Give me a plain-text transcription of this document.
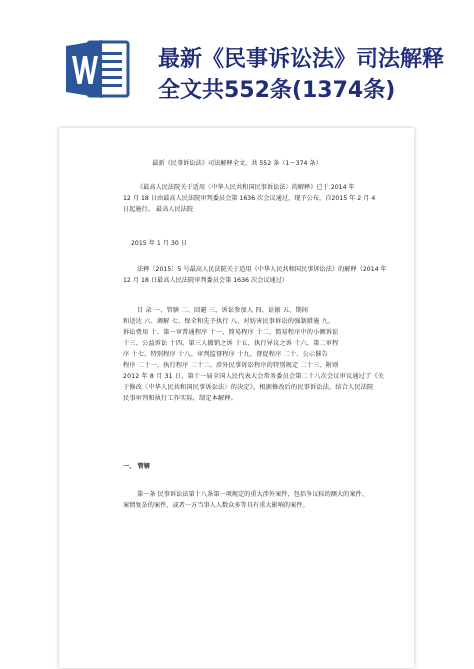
最新《民事诉讼法》司法解释
全文共552条(1374条)
最新《民事诉讼法》司法解释全文，共 552 条（1～374 条）
《最高人民法院关于适用〈中华人民共和国民事诉讼法〉的解释》已于 2014 年
12 月 18 日由最高人民法院审判委员会第 1636 次会议通过，现予公布，自2015 年 2 月 4
日起施行。 最高人民法院
2015 年 1 月 30 日
法释〔2015〕5 号最高人民法院关于适用《中华人民共和国民事诉讼法》的解释（2014 年
12 月 18 日最高人民法院审判委员会第 1636 次会议通过）
目 录 一、管辖 二、回避 三、诉讼参加人 四、证据 五、期间
和送达 六、调解 七、保全和先予执行 八、对妨害民事诉讼的强制措施 九、
诉讼费用 十、第一审普通程序 十一、简易程序 十二、简易程序中的小额诉讼
十三、公益诉讼 十四、第三人撤销之诉 十五、执行异议之诉 十六、第二审程
序 十七、特别程序 十八、审判监督程序 十九、督促程序 二十、公示催告
程序 二十一、执行程序 二十二、涉外民事诉讼程序的特别规定 二十三、附则
2012 年 8 月 31 日，第十一届全国人民代表大会常务委员会第二十八次会议审议通过了《关
于修改〈中华人民共和国民事诉讼法〉的决定》。根据修改后的民事诉讼法，结合人民法院
民事审判和执行工作实际，制定本解释。
一、 管辖
第一条 民事诉讼法第十八条第一项规定的重大涉外案件，包括争议标的额大的案件、
案情复杂的案件，或者一方当事人人数众多等具有重大影响的案件。
